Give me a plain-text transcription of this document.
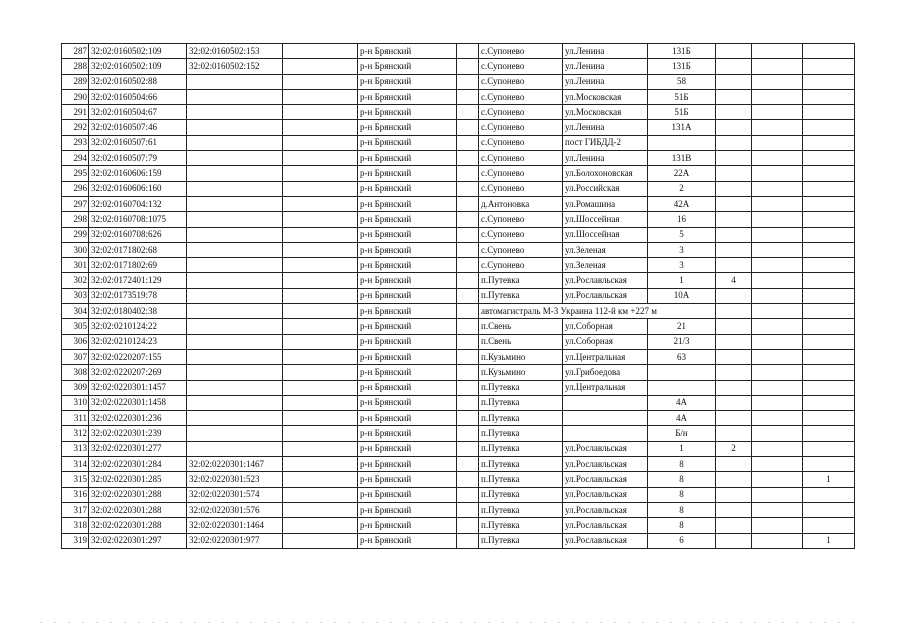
287	32:02:0160502:109	32:02:0160502:153		р-н Брянский		с.Супонево	ул.Ленина	131Б			
288	32:02:0160502:109	32:02:0160502:152		р-н Брянский		с.Супонево	ул.Ленина	131Б			
289	32:02:0160502:88			р-н Брянский		с.Супонево	ул.Ленина	58			
290	32:02:0160504:66			р-н Брянский		с.Супонево	ул.Московская	51Б			
291	32:02:0160504:67			р-н Брянский		с.Супонево	ул.Московская	51Б			
292	32:02:0160507:46			р-н Брянский		с.Супонево	ул.Ленина	131А			
293	32:02:0160507:61			р-н Брянский		с.Супонево	пост ГИБДД-2				
294	32:02:0160507:79			р-н Брянский		с.Супонево	ул.Ленина	131В			
295	32:02:0160606:159			р-н Брянский		с.Супонево	ул.Болохоновская	22А			
296	32:02:0160606:160			р-н Брянский		с.Супонево	ул.Российская	2			
297	32:02:0160704:132			р-н Брянский		д.Антоновка	ул.Ромашина	42А			
298	32:02:0160708:1075			р-н Брянский		с.Супонево	ул.Шоссейная	16			
299	32:02:0160708:626			р-н Брянский		с.Супонево	ул.Шоссейная	5			
300	32:02:0171802:68			р-н Брянский		с.Супонево	ул.Зеленая	3			
301	32:02:0171802:69			р-н Брянский		с.Супонево	ул.Зеленая	3			
302	32:02:0172401:129			р-н Брянский		п.Путевка	ул.Рославльская	1	4		
303	32:02:0173519:78			р-н Брянский		п.Путевка	ул.Рославльская	10А			
304	32:02:0180402:38			р-н Брянский		автомагистраль М-3 Украина 112-й км +227 м					
305	32:02:0210124:22			р-н Брянский		п.Свень	ул.Соборная	21			
306	32:02:0210124:23			р-н Брянский		п.Свень	ул.Соборная	21/3			
307	32:02:0220207:155			р-н Брянский		п.Кузьмино	ул.Центральная	63			
308	32:02:0220207:269			р-н Брянский		п.Кузьмино	ул.Грибоедова				
309	32:02:0220301:1457			р-н Брянский		п.Путевка	ул.Центральная				
310	32:02:0220301:1458			р-н Брянский		п.Путевка		4А			
311	32:02:0220301:236			р-н Брянский		п.Путевка		4А			
312	32:02:0220301:239			р-н Брянский		п.Путевка		Б/н			
313	32:02:0220301:277			р-н Брянский		п.Путевка	ул.Рославльская	1	2		
314	32:02:0220301:284	32:02:0220301:1467		р-н Брянский		п.Путевка	ул.Рославльская	8			
315	32:02:0220301:285	32:02:0220301:523		р-н Брянский		п.Путевка	ул.Рославльская	8			1
316	32:02:0220301:288	32:02:0220301:574		р-н Брянский		п.Путевка	ул.Рославльская	8			
317	32:02:0220301:288	32:02:0220301:576		р-н Брянский		п.Путевка	ул.Рославльская	8			
318	32:02:0220301:288	32:02:0220301:1464		р-н Брянский		п.Путевка	ул.Рославльская	8			
319	32:02:0220301:297	32:02:0220301:977		р-н Брянский		п.Путевка	ул.Рославльская	6			1
